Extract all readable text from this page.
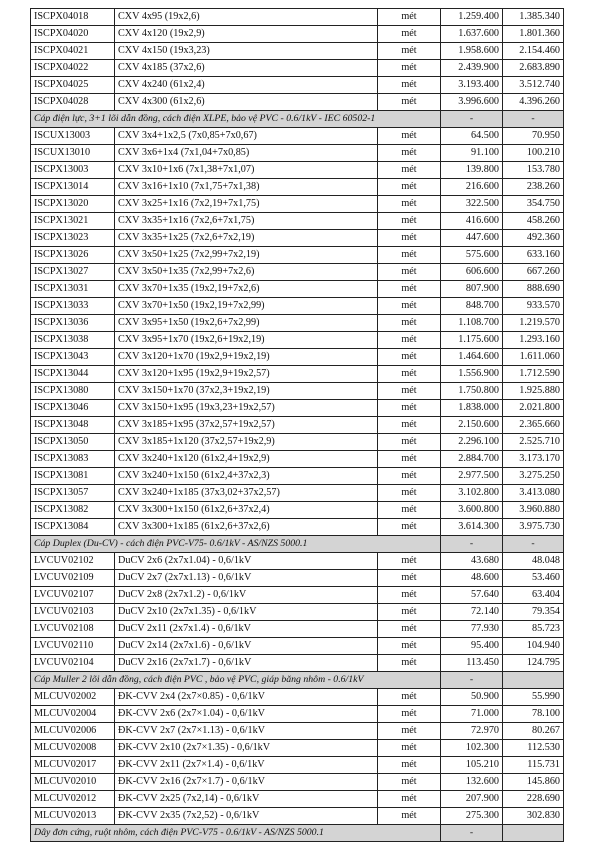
ISCPX04018	CXV 4x95 (19x2,6)	mét	1.259.400	1.385.340
ISCPX04020	CXV 4x120 (19x2,9)	mét	1.637.600	1.801.360
ISCPX04021	CXV 4x150 (19x3,23)	mét	1.958.600	2.154.460
ISCPX04022	CXV 4x185 (37x2,6)	mét	2.439.900	2.683.890
ISCPX04025	CXV 4x240 (61x2,4)	mét	3.193.400	3.512.740
ISCPX04028	CXV 4x300 (61x2,6)	mét	3.996.600	4.396.260
Cáp điện lực, 3+1 lõi dẫn đồng, cách điện XLPE, bảo vệ PVC - 0.6/1kV - IEC 60502-1			-	-
ISCUX13003	CXV 3x4+1x2,5 (7x0,85+7x0,67)	mét	64.500	70.950
ISCUX13010	CXV 3x6+1x4 (7x1,04+7x0,85)	mét	91.100	100.210
ISCPX13003	CXV 3x10+1x6 (7x1,38+7x1,07)	mét	139.800	153.780
ISCPX13014	CXV 3x16+1x10 (7x1,75+7x1,38)	mét	216.600	238.260
ISCPX13020	CXV 3x25+1x16 (7x2,19+7x1,75)	mét	322.500	354.750
ISCPX13021	CXV 3x35+1x16 (7x2,6+7x1,75)	mét	416.600	458.260
ISCPX13023	CXV 3x35+1x25 (7x2,6+7x2,19)	mét	447.600	492.360
ISCPX13026	CXV 3x50+1x25 (7x2,99+7x2,19)	mét	575.600	633.160
ISCPX13027	CXV 3x50+1x35 (7x2,99+7x2,6)	mét	606.600	667.260
ISCPX13031	CXV 3x70+1x35 (19x2,19+7x2,6)	mét	807.900	888.690
ISCPX13033	CXV 3x70+1x50 (19x2,19+7x2,99)	mét	848.700	933.570
ISCPX13036	CXV 3x95+1x50 (19x2,6+7x2,99)	mét	1.108.700	1.219.570
ISCPX13038	CXV 3x95+1x70 (19x2,6+19x2,19)	mét	1.175.600	1.293.160
ISCPX13043	CXV 3x120+1x70 (19x2,9+19x2,19)	mét	1.464.600	1.611.060
ISCPX13044	CXV 3x120+1x95 (19x2,9+19x2,57)	mét	1.556.900	1.712.590
ISCPX13080	CXV 3x150+1x70 (37x2,3+19x2,19)	mét	1.750.800	1.925.880
ISCPX13046	CXV 3x150+1x95 (19x3,23+19x2,57)	mét	1.838.000	2.021.800
ISCPX13048	CXV 3x185+1x95 (37x2,57+19x2,57)	mét	2.150.600	2.365.660
ISCPX13050	CXV 3x185+1x120 (37x2,57+19x2,9)	mét	2.296.100	2.525.710
ISCPX13083	CXV 3x240+1x120 (61x2,4+19x2,9)	mét	2.884.700	3.173.170
ISCPX13081	CXV 3x240+1x150 (61x2,4+37x2,3)	mét	2.977.500	3.275.250
ISCPX13057	CXV 3x240+1x185 (37x3,02+37x2,57)	mét	3.102.800	3.413.080
ISCPX13082	CXV 3x300+1x150 (61x2,6+37x2,4)	mét	3.600.800	3.960.880
ISCPX13084	CXV 3x300+1x185 (61x2,6+37x2,6)	mét	3.614.300	3.975.730
Cáp Duplex (Du-CV) - cách điện PVC-V75- 0.6/1kV - AS/NZS 5000.1			-	-
LVCUV02102	DuCV 2x6 (2x7x1.04) - 0,6/1kV	mét	43.680	48.048
LVCUV02109	DuCV 2x7 (2x7x1.13) - 0,6/1kV	mét	48.600	53.460
LVCUV02107	DuCV 2x8 (2x7x1.2) - 0,6/1kV	mét	57.640	63.404
LVCUV02103	DuCV 2x10 (2x7x1.35) - 0,6/1kV	mét	72.140	79.354
LVCUV02108	DuCV 2x11 (2x7x1.4) - 0,6/1kV	mét	77.930	85.723
LVCUV02110	DuCV 2x14 (2x7x1.6) - 0,6/1kV	mét	95.400	104.940
LVCUV02104	DuCV 2x16 (2x7x1.7) - 0,6/1kV	mét	113.450	124.795
Cáp Muller 2 lõi dẫn đồng, cách điện PVC , bảo vệ PVC, giáp băng nhôm - 0.6/1kV			-	
MLCUV02002	ĐK-CVV 2x4 (2x7×0.85) - 0,6/1kV	mét	50.900	55.990
MLCUV02004	ĐK-CVV 2x6 (2x7×1.04) - 0,6/1kV	mét	71.000	78.100
MLCUV02006	ĐK-CVV 2x7 (2x7×1.13) - 0,6/1kV	mét	72.970	80.267
MLCUV02008	ĐK-CVV 2x10 (2x7×1.35) - 0,6/1kV	mét	102.300	112.530
MLCUV02017	ĐK-CVV 2x11 (2x7×1.4) - 0,6/1kV	mét	105.210	115.731
MLCUV02010	ĐK-CVV 2x16 (2x7×1.7) - 0,6/1kV	mét	132.600	145.860
MLCUV02012	ĐK-CVV 2x25 (7x2,14) - 0,6/1kV	mét	207.900	228.690
MLCUV02013	ĐK-CVV 2x35 (7x2,52) - 0,6/1kV	mét	275.300	302.830
Dây đơn cứng, ruột nhôm, cách điện PVC-V75 - 0.6/1kV - AS/NZS 5000.1			-	
